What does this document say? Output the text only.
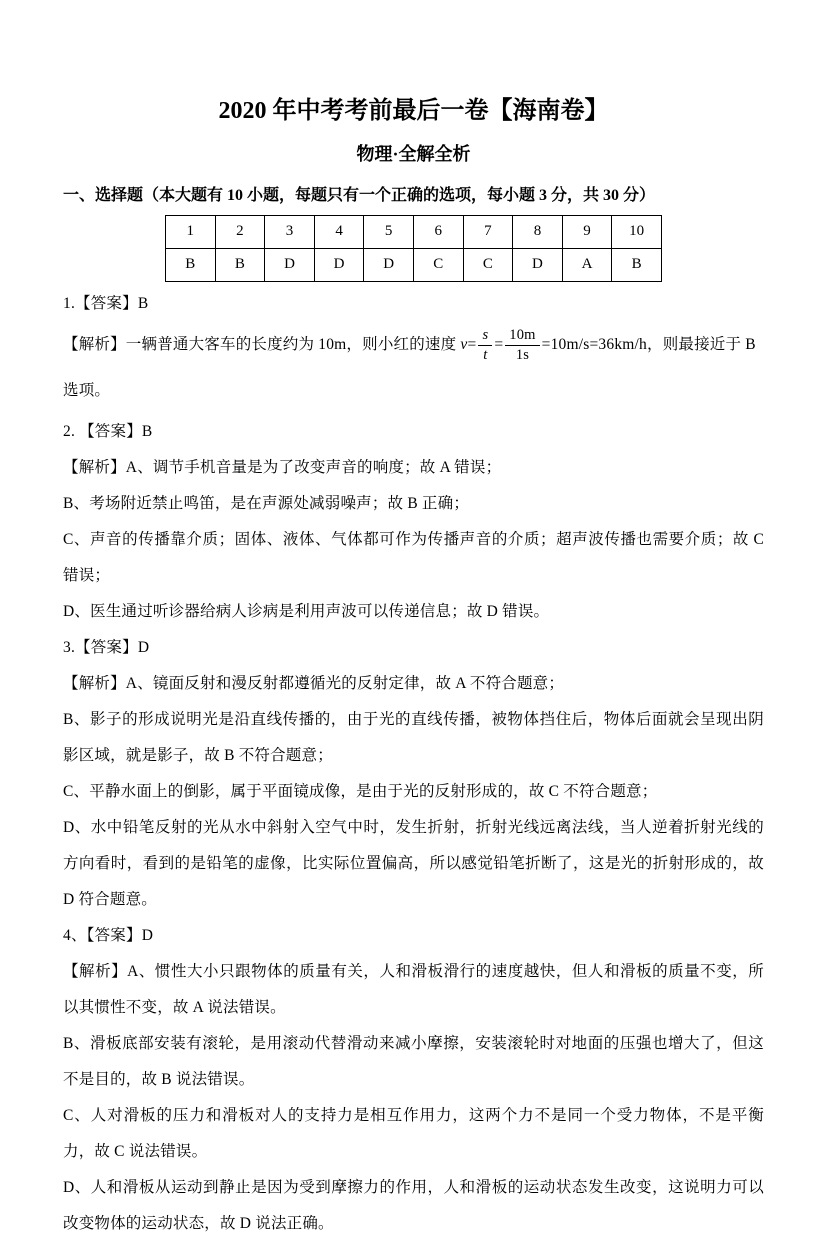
2020 年中考考前最后一卷【海南卷】
物理·全解全析

一、选择题（本大题有 10 小题，每题只有一个正确的选项，每小题 3 分，共 30 分）

1	2	3	4	5	6	7	8	9	10
B	B	D	D	D	C	C	D	A	B

1.【答案】B

【解析】一辆普通大客车的长度约为 10m，则小红的速度 $v= \frac{s}{t} = \frac{10m}{1s} =10m/s=36km/h$，则最接近于 B 选项。

2. 【答案】B

【解析】A、调节手机音量是为了改变声音的响度；故 A 错误；

B、考场附近禁止鸣笛，是在声源处减弱噪声；故 B 正确；

C、声音的传播靠介质；固体、液体、气体都可作为传播声音的介质；超声波传播也需要介质；故 C 错误；

D、医生通过听诊器给病人诊病是利用声波可以传递信息；故 D 错误。

3.【答案】D

【解析】A、镜面反射和漫反射都遵循光的反射定律，故 A 不符合题意；

B、影子的形成说明光是沿直线传播的，由于光的直线传播，被物体挡住后，物体后面就会呈现出阴影区域，就是影子，故 B 不符合题意；

C、平静水面上的倒影，属于平面镜成像，是由于光的反射形成的，故 C 不符合题意；

D、水中铅笔反射的光从水中斜射入空气中时，发生折射，折射光线远离法线，当人逆着折射光线的方向看时，看到的是铅笔的虚像，比实际位置偏高，所以感觉铅笔折断了，这是光的折射形成的，故 D 符合题意。

4、【答案】D

【解析】A、惯性大小只跟物体的质量有关，人和滑板滑行的速度越快，但人和滑板的质量不变，所以其惯性不变，故 A 说法错误。

B、滑板底部安装有滚轮，是用滚动代替滑动来减小摩擦，安装滚轮时对地面的压强也增大了，但这不是目的，故 B 说法错误。

C、人对滑板的压力和滑板对人的支持力是相互作用力，这两个力不是同一个受力物体，不是平衡力，故 C 说法错误。

D、人和滑板从运动到静止是因为受到摩擦力的作用，人和滑板的运动状态发生改变，这说明力可以改变物体的运动状态，故 D 说法正确。
